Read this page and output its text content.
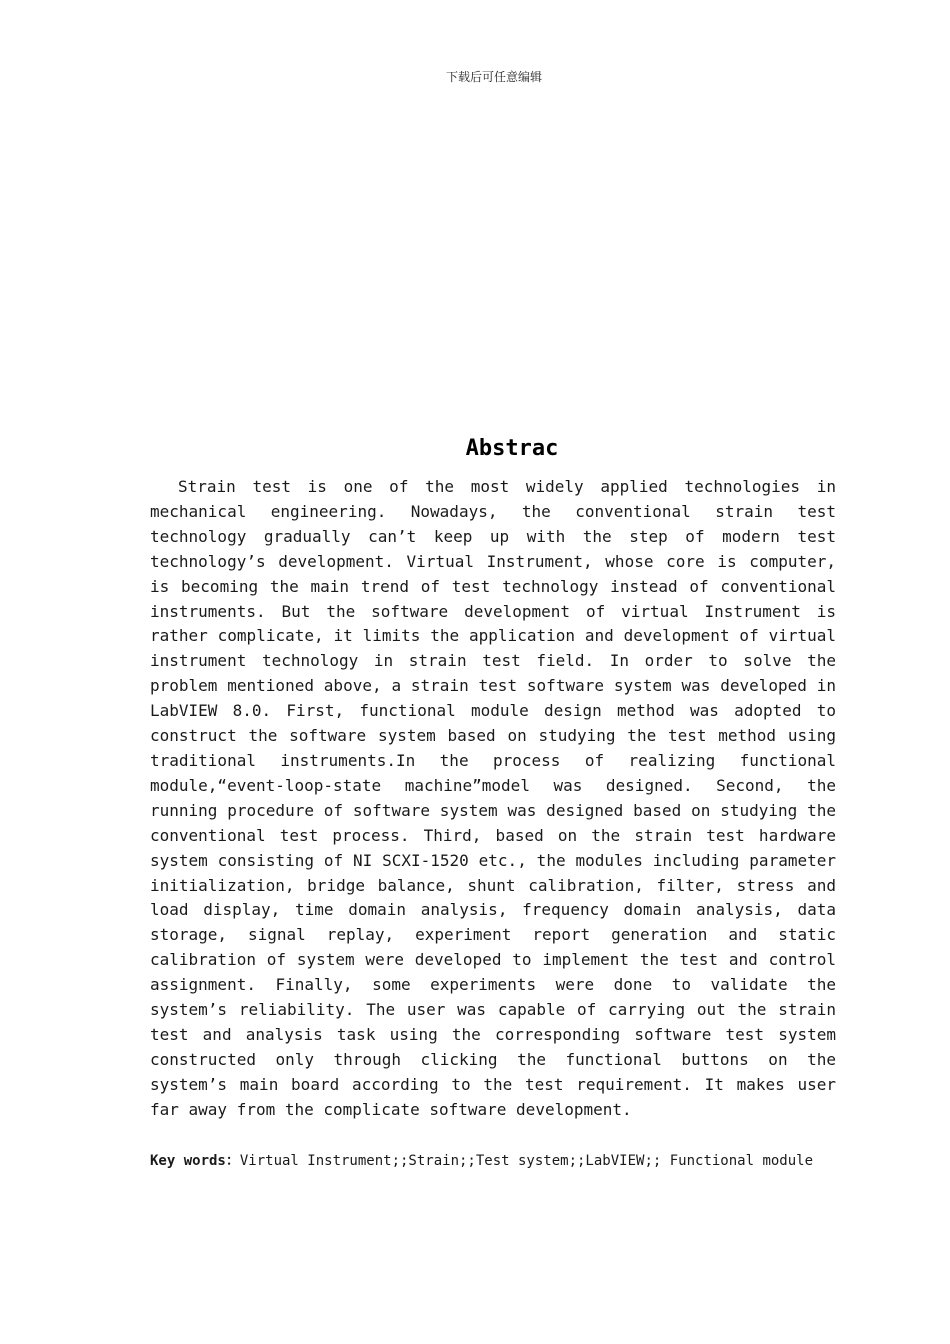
下载后可任意编辑
Abstrac

Strain test is one of the most widely applied technologies in mechanical engineering. Nowadays, the conventional strain test technology gradually can’t keep up with the step of modern test technology’s development. Virtual Instrument, whose core is computer, is becoming the main trend of test technology instead of conventional instruments. But the software development of virtual Instrument is rather complicate, it limits the application and development of virtual instrument technology in strain test field. In order to solve the problem mentioned above, a strain test software system was developed in LabVIEW 8.0. First, functional module design method was adopted to construct the software system based on studying the test method using traditional instruments.In the process of realizing functional module,“event-loop-state machine”model was designed. Second, the running procedure of software system was designed based on studying the conventional test process. Third, based on the strain test hardware system consisting of NI SCXI-1520 etc., the modules including parameter initialization, bridge balance, shunt calibration, filter, stress and load display, time domain analysis, frequency domain analysis, data storage, signal replay, experiment report generation and static calibration of system were developed to implement the test and control assignment. Finally, some experiments were done to validate the system’s reliability. The user was capable of carrying out the strain test and analysis task using the corresponding software test system constructed only through clicking the functional buttons on the system’s main board according to the test requirement. It makes user far away from the complicate software development.

Key words：Virtual Instrument;;Strain;;Test system;;LabVIEW;; Functional module
